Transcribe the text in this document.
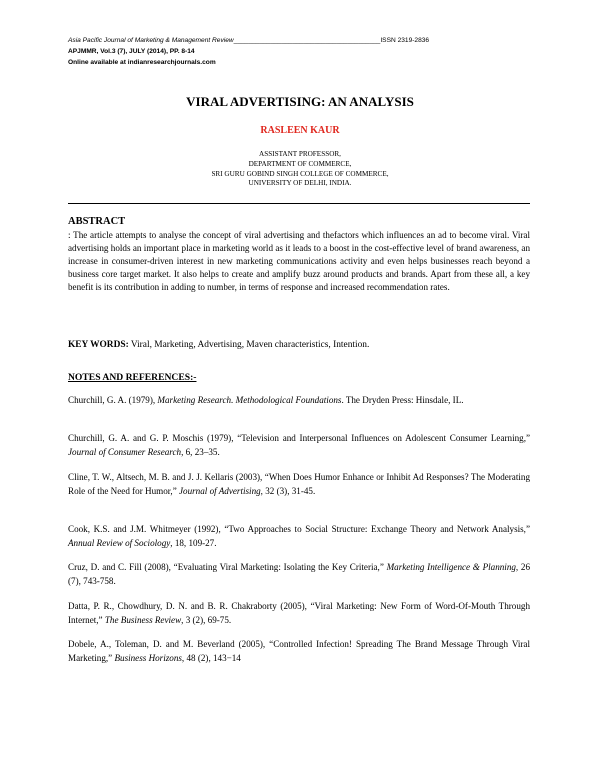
Asia Pacific Journal of Marketing & Management Review________________________________________ISSN 2319-2836
APJMMR, Vol.3 (7), JULY (2014), PP. 8-14
Online available at indianresearchjournals.com
VIRAL ADVERTISING: AN ANALYSIS
RASLEEN KAUR
ASSISTANT PROFESSOR,
DEPARTMENT OF COMMERCE,
SRI GURU GOBIND SINGH COLLEGE OF COMMERCE,
UNIVERSITY OF DELHI, INDIA.
ABSTRACT
: The article attempts to analyse the concept of viral advertising and thefactors which influences an ad to become viral. Viral advertising holds an important place in marketing world as it leads to a boost in the cost-effective level of brand awareness, an increase in consumer-driven interest in new marketing communications activity and even helps businesses reach beyond a business core target market. It also helps to create and amplify buzz around products and brands. Apart from these all, a key benefit is its contribution in adding to number, in terms of response and increased recommendation rates.
KEY WORDS: Viral, Marketing, Advertising, Maven characteristics, Intention.
NOTES AND REFERENCES:-
Churchill, G. A. (1979), Marketing Research. Methodological Foundations. The Dryden Press: Hinsdale, IL.
Churchill, G. A. and G. P. Moschis (1979), “Television and Interpersonal Influences on Adolescent Consumer Learning,” Journal of Consumer Research, 6, 23–35.
Cline, T. W., Altsech, M. B. and J. J. Kellaris (2003), “When Does Humor Enhance or Inhibit Ad Responses? The Moderating Role of the Need for Humor,” Journal of Advertising, 32 (3), 31-45.
Cook, K.S. and J.M. Whitmeyer (1992), “Two Approaches to Social Structure: Exchange Theory and Network Analysis,” Annual Review of Sociology, 18, 109-27.
Cruz, D. and C. Fill (2008), “Evaluating Viral Marketing: Isolating the Key Criteria,” Marketing Intelligence & Planning, 26 (7), 743-758.
Datta, P. R., Chowdhury, D. N. and B. R. Chakraborty (2005), “Viral Marketing: New Form of Word-Of-Mouth Through Internet,” The Business Review, 3 (2), 69-75.
Dobele, A., Toleman, D. and M. Beverland (2005), “Controlled Infection! Spreading The Brand Message Through Viral Marketing,” Business Horizons, 48 (2), 143−14
